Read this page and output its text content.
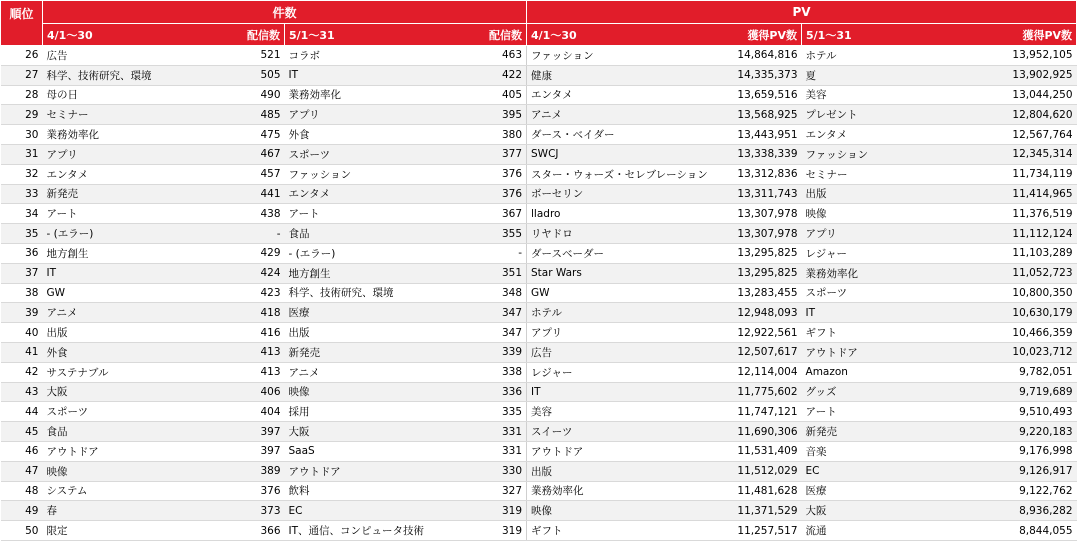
順位	件数				PV			

	4/1〜30 配信数		5/1〜31 配信数		4/1〜30 獲得PV数		5/1〜31 獲得PV数	

26	広告	521	コラボ	463	ファッション	14,864,816	ホテル	13,952,105
27	科学、技術研究、環境	505	IT	422	健康	14,335,373	夏	13,902,925
28	母の日	490	業務効率化	405	エンタメ	13,659,516	美容	13,044,250
29	セミナー	485	アプリ	395	アニメ	13,568,925	プレゼント	12,804,620
30	業務効率化	475	外食	380	ダース・ベイダー	13,443,951	エンタメ	12,567,764
31	アプリ	467	スポーツ	377	SWCJ	13,338,339	ファッション	12,345,314
32	エンタメ	457	ファッション	376	スター・ウォーズ・セレブレーション	13,312,836	セミナー	11,734,119
33	新発売	441	エンタメ	376	ボーセリン	13,311,743	出版	11,414,965
34	アート	438	アート	367	lladro	13,307,978	映像	11,376,519
35	- (エラー)	-	食品	355	リヤドロ	13,307,978	アプリ	11,112,124
36	地方創生	429	- (エラー)	-	ダースベーダー	13,295,825	レジャー	11,103,289
37	IT	424	地方創生	351	Star Wars	13,295,825	業務効率化	11,052,723
38	GW	423	科学、技術研究、環境	348	GW	13,283,455	スポーツ	10,800,350
39	アニメ	418	医療	347	ホテル	12,948,093	IT	10,630,179
40	出版	416	出版	347	アプリ	12,922,561	ギフト	10,466,359
41	外食	413	新発売	339	広告	12,507,617	アウトドア	10,023,712
42	サステナブル	413	アニメ	338	レジャー	12,114,004	Amazon	9,782,051
43	大阪	406	映像	336	IT	11,775,602	グッズ	9,719,689
44	スポーツ	404	採用	335	美容	11,747,121	アート	9,510,493
45	食品	397	大阪	331	スイーツ	11,690,306	新発売	9,220,183
46	アウトドア	397	SaaS	331	アウトドア	11,531,409	音楽	9,176,998
47	映像	389	アウトドア	330	出版	11,512,029	EC	9,126,917
48	システム	376	飲料	327	業務効率化	11,481,628	医療	9,122,762
49	春	373	EC	319	映像	11,371,529	大阪	8,936,282
50	限定	366	IT、通信、コンピュータ技術	319	ギフト	11,257,517	流通	8,844,055
